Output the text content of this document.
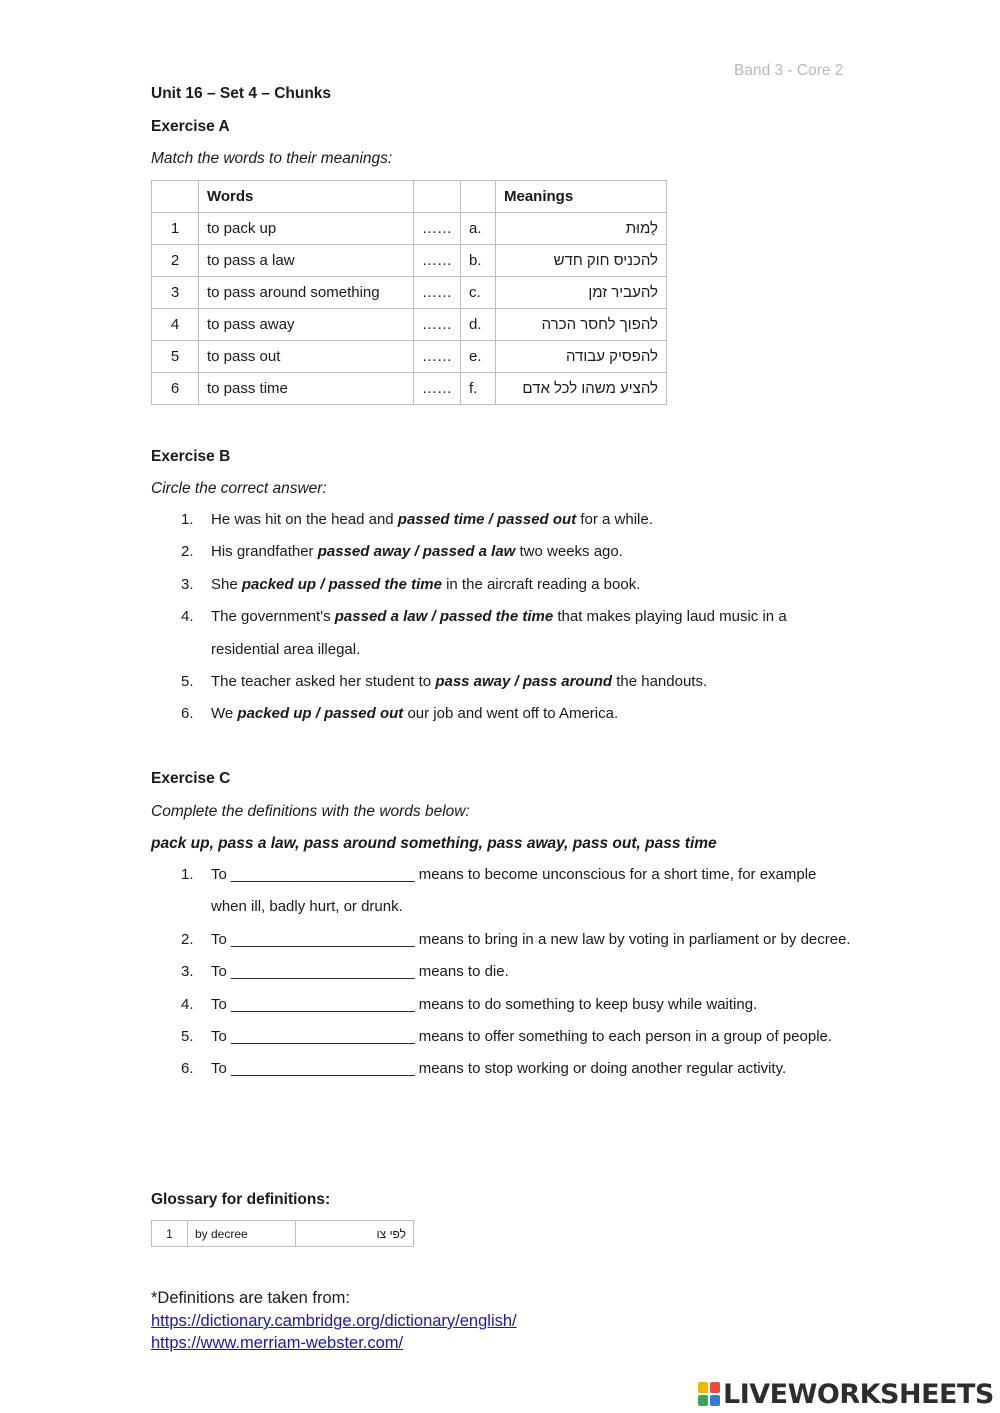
Band 3 - Core 2
Unit 16 – Set 4 – Chunks
Exercise A
Match the words to their meanings:
	Words			Meanings
1	to pack up	……	a.	לָמוּת
2	to pass a law	……	b.	להכניס חוק חדש
3	to pass around something	……	c.	להעביר זמן
4	to pass away	……	d.	להפוך לחסר הכרה
5	to pass out	……	e.	להפסיק עבודה
6	to pass time	……	f.	להציע משהו לכל אדם
Exercise B
Circle the correct answer:
1. He was hit on the head and passed time / passed out for a while.
2. His grandfather passed away / passed a law two weeks ago.
3. She packed up / passed the time in the aircraft reading a book.
4. The government's passed a law / passed the time that makes playing laud music in a residential area illegal.
5. The teacher asked her student to pass away / pass around the handouts.
6. We packed up / passed out our job and went off to America.
Exercise C
Complete the definitions with the words below:
pack up, pass a law, pass around something, pass away, pass out, pass time
1. To ______________________ means to become unconscious for a short time, for example when ill, badly hurt, or drunk.
2. To ______________________ means to bring in a new law by voting in parliament or by decree.
3. To ______________________ means to die.
4. To ______________________ means to do something to keep busy while waiting.
5. To ______________________ means to offer something to each person in a group of people.
6. To ______________________ means to stop working or doing another regular activity.
Glossary for definitions:
1	by decree	לפי צו
*Definitions are taken from:
https://dictionary.cambridge.org/dictionary/english/
https://www.merriam-webster.com/
LIVEWORKSHEETS
